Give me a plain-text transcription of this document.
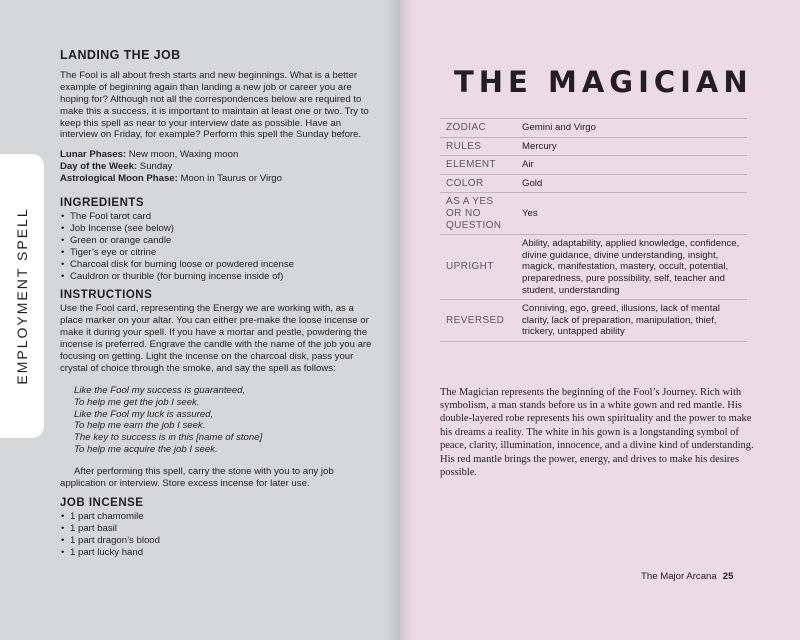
EMPLOYMENT SPELL
LANDING THE JOB

The Fool is all about fresh starts and new beginnings. What is a better example of beginning again than landing a new job or career you are hoping for? Although not all the correspondences below are required to make this a success, it is important to maintain at least one or two. Try to keep this spell as near to your interview date as possible. Have an interview on Friday, for example? Perform this spell the Sunday before.

Lunar Phases: New moon, Waxing moon

Day of the Week: Sunday

Astrological Moon Phase: Moon in Taurus or Virgo

INGREDIENTS
• The Fool tarot card
• Job Incense (see below)
• Green or orange candle
• Tiger’s eye or citrine
• Charcoal disk for burning loose or powdered incense
• Cauldron or thurible (for burning incense inside of)
INSTRUCTIONS

Use the Fool card, representing the Energy we are working with, as a place marker on your altar. You can either pre-make the loose incense or make it during your spell. If you have a mortar and pestle, powdering the incense is preferred. Engrave the candle with the name of the job you are focusing on getting. Light the incense on the charcoal disk, pass your crystal of choice through the smoke, and say the spell as follows:

Like the Fool my success is guaranteed,
To help me get the job I seek.
Like the Fool my luck is assured,
To help me earn the job I seek.
The key to success is in this [name of stone]
To help me acquire the job I seek.

After performing this spell, carry the stone with you to any job application or interview. Store excess incense for later use.

JOB INCENSE
• 1 part chamomile
• 1 part basil
• 1 part dragon’s blood
• 1 part lucky hand
THE MAGICIAN
ZODIAC	Gemini and Virgo
RULES	Mercury
ELEMENT	Air
COLOR	Gold
AS A YES OR NO QUESTION	Yes
UPRIGHT	Ability, adaptability, applied knowledge, confidence, divine guidance, divine understanding, insight, magick, manifestation, mastery, occult, potential, preparedness, pure possibility, self, teacher and student, understanding
REVERSED	Conniving, ego, greed, illusions, lack of mental clarity, lack of preparation, manipulation, thief, trickery, untapped ability

The Magician represents the beginning of the Fool’s Journey. Rich with symbolism, a man stands before us in a white gown and red mantle. His double-layered robe represents his own spirituality and the power to make his dreams a reality. The white in his gown is a longstanding symbol of peace, clarity, illumination, innocence, and a divine kind of understanding. His red mantle brings the power, energy, and drives to make his desires possible.

The Major Arcana 25
